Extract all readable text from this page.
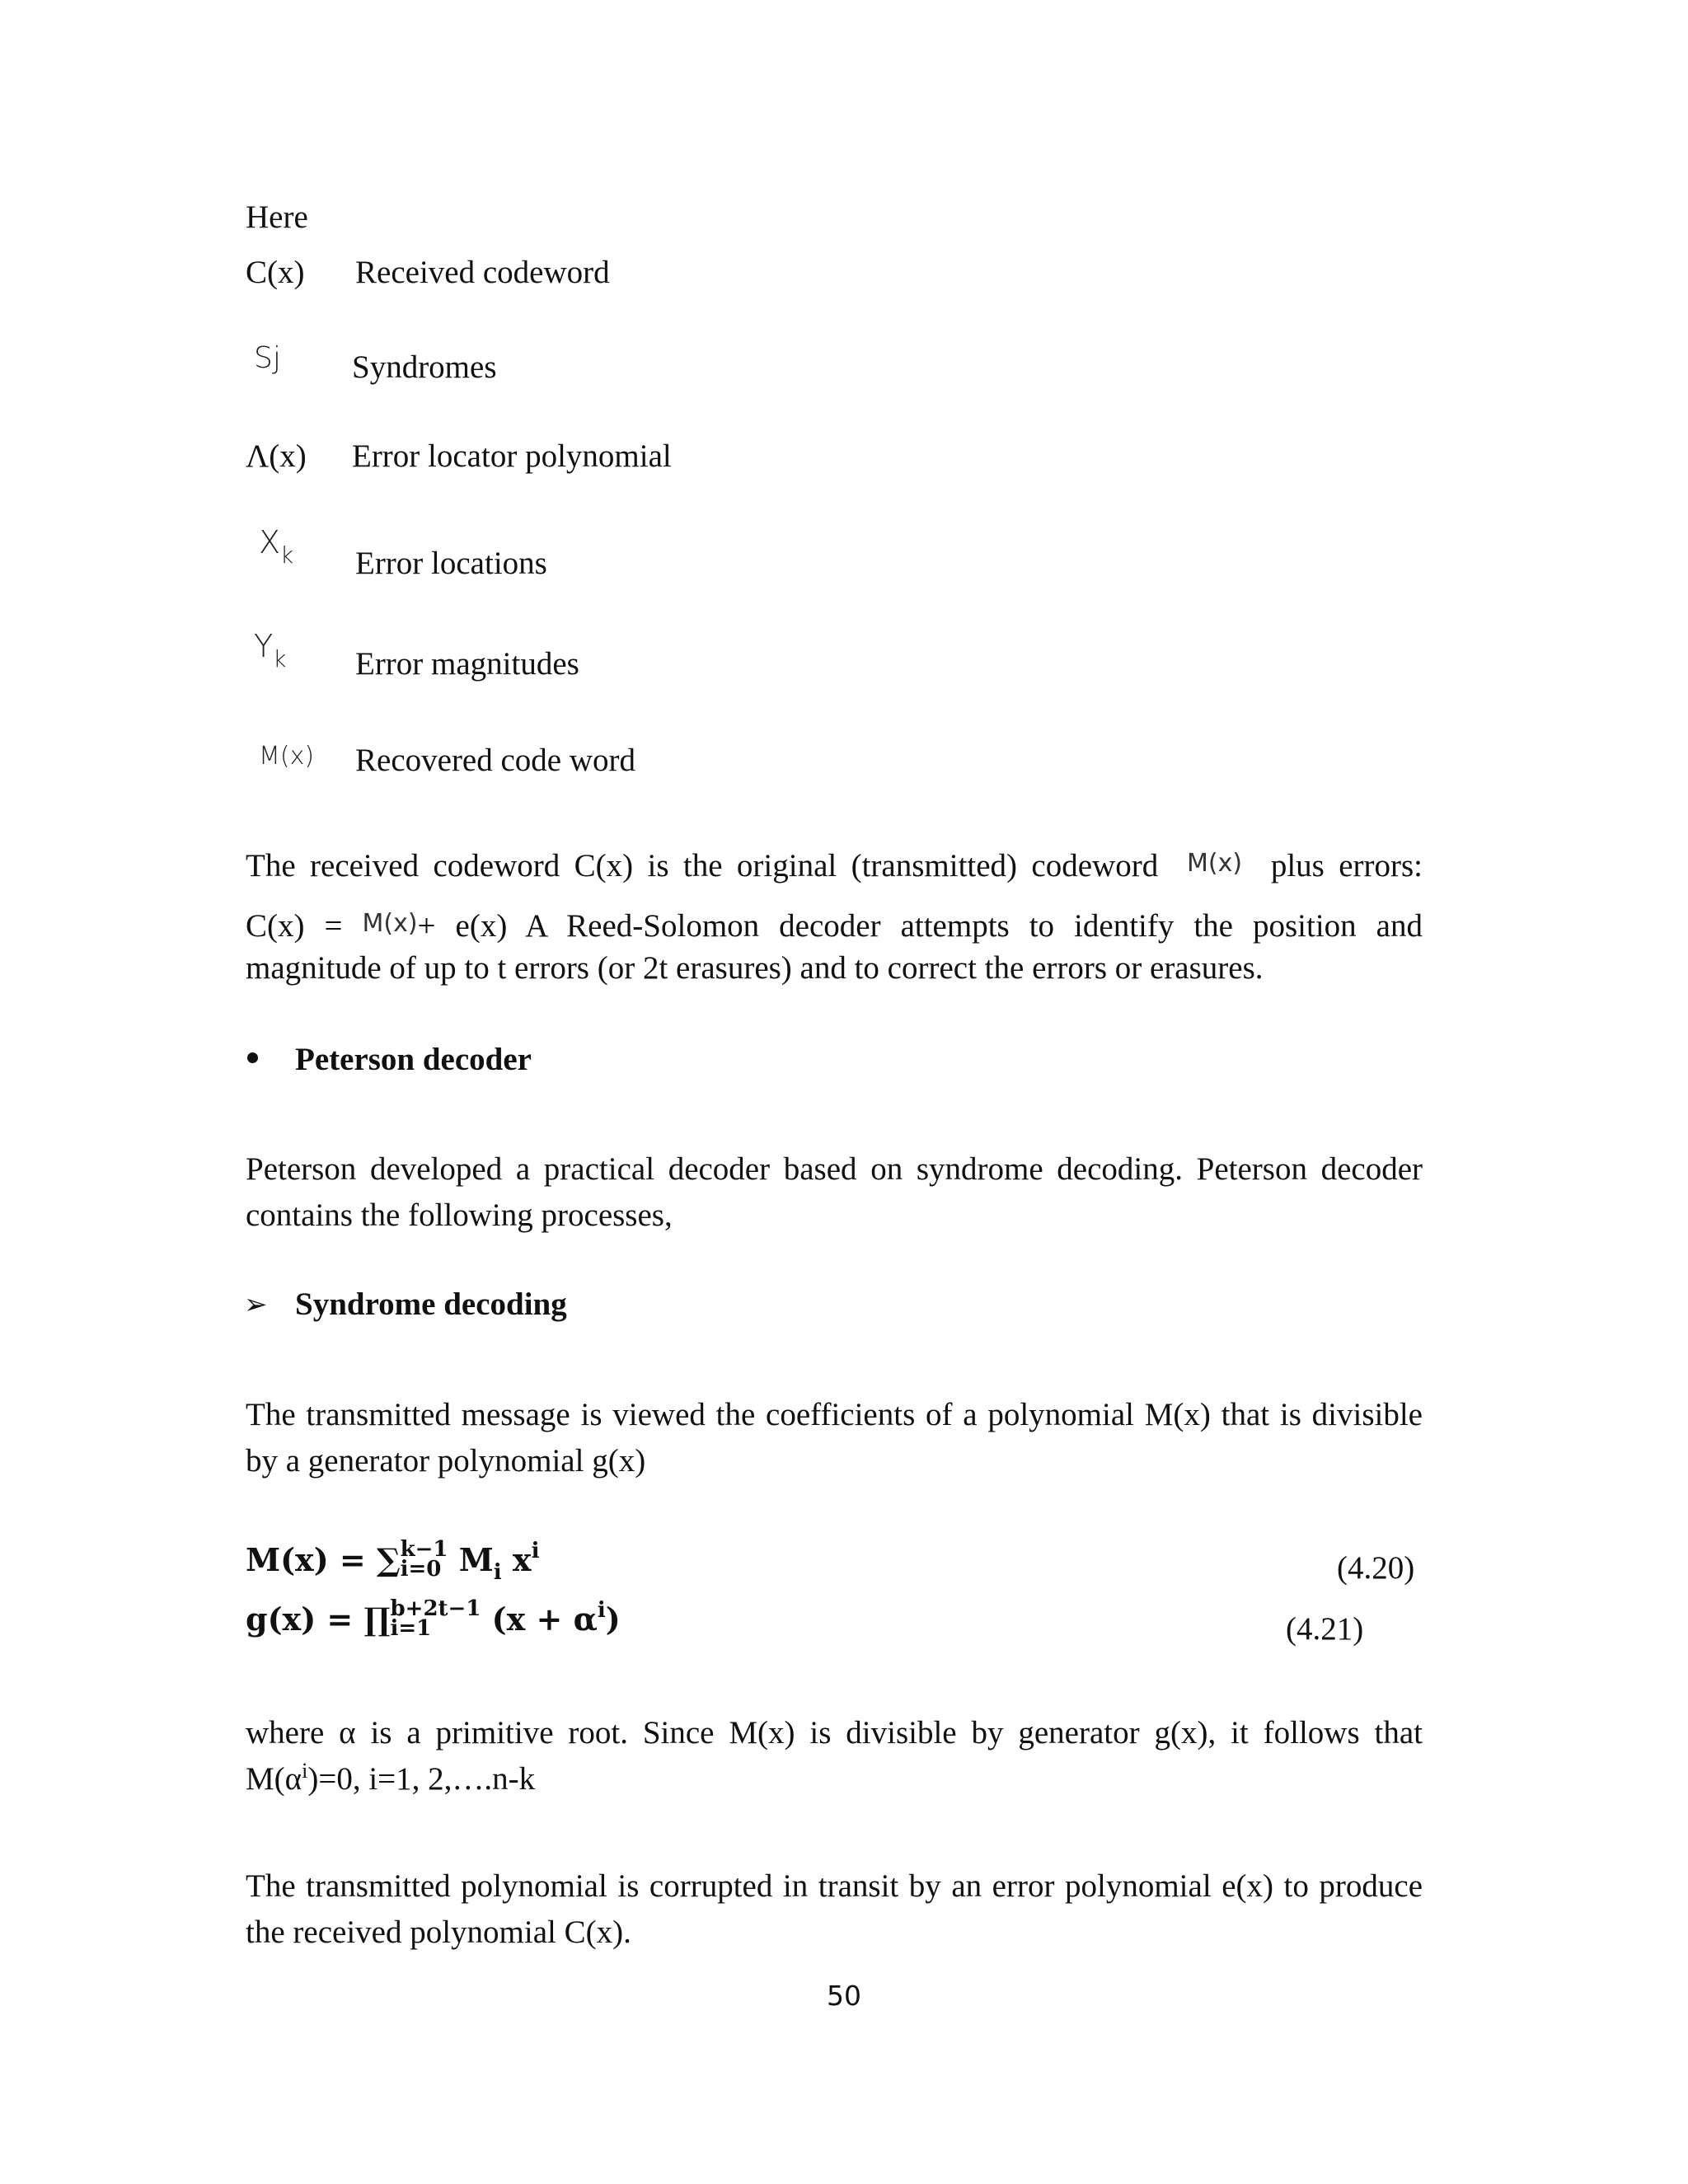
Here
C(x) Received codeword
Sj Syndromes
Λ(x) Error locator polynomial
$X_k$ Error locations
$Y_k$ Error magnitudes
M(x) Recovered code word
The received codeword C(x) is the original (transmitted) codeword M(x) plus errors:
C(x) = M(x)+ e(x) A Reed-Solomon decoder attempts to identify the position and
magnitude of up to t errors (or 2t erasures) and to correct the errors or erasures.
Peterson decoder
Peterson developed a practical decoder based on syndrome decoding. Peterson decoder
contains the following processes,
➢ Syndrome decoding
The transmitted message is viewed the coefficients of a polynomial M(x) that is divisible
by a generator polynomial g(x)
M(x) = ∑ k−1
i=0 $M_i$ $x^i$	(4.20)
g(x) = ∏ b+2t−1
i=1	$(x + \alpha^i)$	(4.21)
where α is a primitive root. Since M(x) is divisible by generator g(x), it follows that
$M(\alpha^i)=0$, i=1, 2,….n-k
The transmitted polynomial is corrupted in transit by an error polynomial e(x) to produce
the received polynomial C(x).
50
